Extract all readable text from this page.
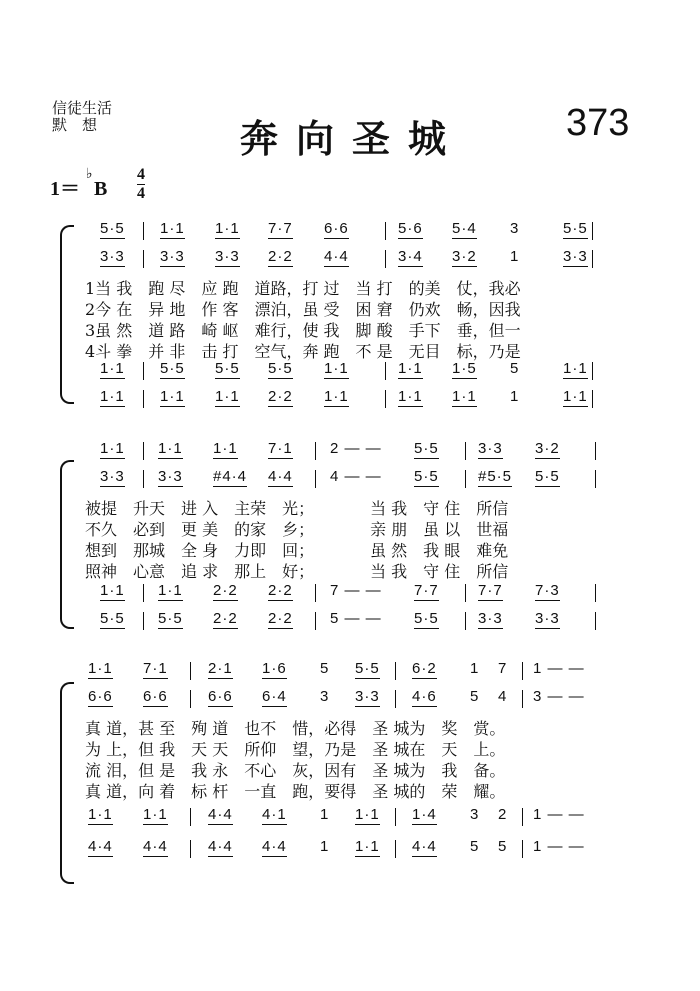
信徒生活
默　想	奔向圣城	373
1＝ B
♭	4
4
5·5 1·1 1·1 7·7 6·6	5·6 5·4 3	5·5
3·3 3·3 3·3 2·2 4·4	3·4 3·2 1	3·3
1·1 5·5 5·5 5·5 1·1	1·1 1·5 5	1·1
1·1 1·1 1·1 2·2 1·1	1·1 1·1 1	1·1
1当 我　跑 尽　应 跑　道路，打 过　当 打　的美　仗，我必
2今 在　异 地　作 客　漂泊，虽 受　困 窘　仍欢　畅，因我
3虽 然　道 路　崎 岖　难行，使 我　脚 酸　手下　垂，但一
4斗 拳　并 非　击 打　空气，奔 跑　不 是　无目　标，乃是
1·1 1·1 1·1 7·1 2 — — 5·5	3·3 3·2
3·3 3·3 #4·4 4·4 4 — — 5·5	#5·5 5·5
1·1 1·1 2·2 2·2 7 — — 7·7	7·7 7·3
5·5 5·5 2·2 2·2 5 — — 5·5	3·3 3·3
被提　升天　进 入　主荣　光；　　　　当 我　守 住　所信
不久　必到　更 美　的家　乡；　　　　亲 朋　虽 以　世福
想到　那城　全 身　力即　回；　　　　虽 然　我 眼　难免
照神　心意　追 求　那上　好；　　　　当 我　守 住　所信
1·1 7·1	2·1 1·6 5 5·5 6·2 1 7 1 — —
6·6 6·6	6·6 6·4 3 3·3 4·6 5 4 3 — —
1·1 1·1	4·4 4·1 1 1·1 1·4 3 2 1 — —
4·4 4·4	4·4 4·4 1 1·1 4·4 5 5 1 — —
真 道，甚 至　殉 道　也不　惜，必得　圣 城为　奖　赏。
为 上，但 我　天 天　所仰　望，乃是　圣 城在　天　上。
流 泪，但 是　我 永　不心　灰，因有　圣 城为　我　备。
真 道，向 着　标 杆　一直　跑，要得　圣 城的　荣　耀。
